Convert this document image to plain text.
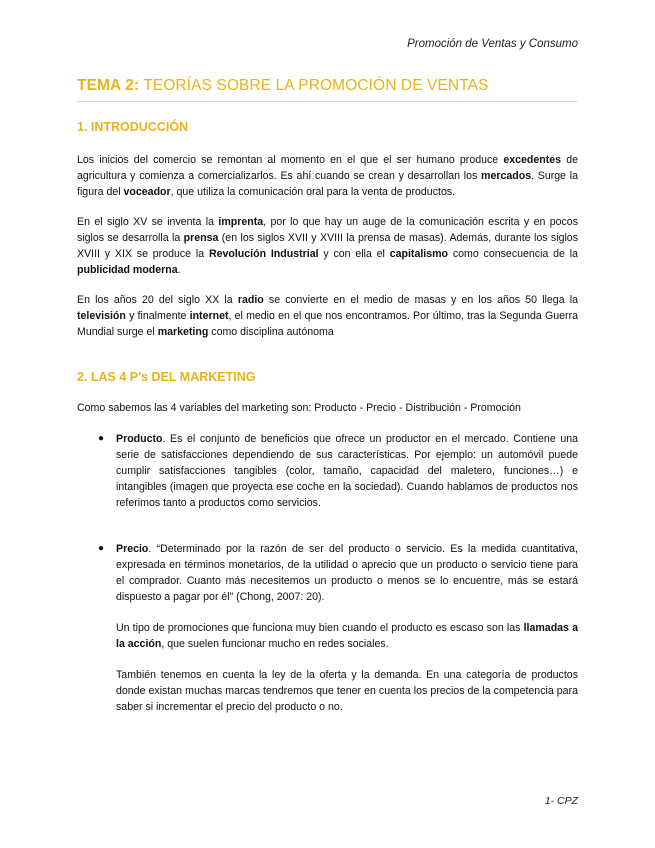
Promoción de Ventas y Consumo
TEMA 2: TEORÍAS SOBRE LA PROMOCIÓN DE VENTAS
1. INTRODUCCIÓN

Los inicios del comercio se remontan al momento en el que el ser humano produce excedentes de agricultura y comienza a comercializarlos. Es ahí cuando se crean y desarrollan los mercados. Surge la figura del voceador, que utiliza la comunicación oral para la venta de productos.

En el siglo XV se inventa la imprenta, por lo que hay un auge de la comunicación escrita y en pocos siglos se desarrolla la prensa (en los siglos XVII y XVIII la prensa de masas). Además, durante los siglos XVIII y XIX se produce la Revolución Industrial y con ella el capitalismo como consecuencia de la publicidad moderna.

En los años 20 del siglo XX la radio se convierte en el medio de masas y en los años 50 llega la televisión y finalmente internet, el medio en el que nos encontramos. Por último, tras la Segunda Guerra Mundial surge el marketing como disciplina autónoma

2. LAS 4 P's DEL MARKETING

Como sabemos las 4 variables del marketing son: Producto - Precio - Distribución - Promoción

● Producto. Es el conjunto de beneficios que ofrece un productor en el mercado. Contiene una serie de satisfacciones dependiendo de sus características. Por ejemplo: un automóvil puede cumplir satisfacciones tangibles (color, tamaño, capacidad del maletero, funciones…) e intangibles (imagen que proyecta ese coche en la sociedad). Cuando hablamos de productos nos referimos tanto a productos como servicios.

● Precio. “Determinado por la razón de ser del producto o servicio. Es la medida cuantitativa, expresada en términos monetarios, de la utilidad o aprecio que un producto o servicio tiene para el comprador. Cuanto más necesitemos un producto o menos se lo encuentre, más se estará dispuesto a pagar por él” (Chong, 2007: 20).

Un tipo de promociones que funciona muy bien cuando el producto es escaso son las llamadas a la acción, que suelen funcionar mucho en redes sociales.

También tenemos en cuenta la ley de la oferta y la demanda. En una categoría de productos donde existan muchas marcas tendremos que tener en cuenta los precios de la competencia para saber si incrementar el precio del producto o no.

1- CPZ
